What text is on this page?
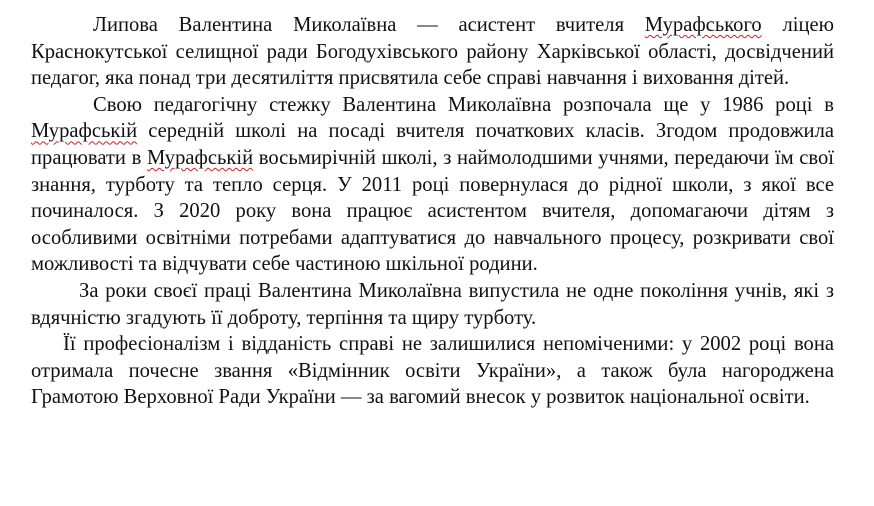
Липова Валентина Миколаївна — асистент вчителя Мурафського ліцею Краснокутської селищної ради Богодухівського району Харківської області, досвідчений педагог, яка понад три десятиліття присвятила себе справі навчання і виховання дітей.

Свою педагогічну стежку Валентина Миколаївна розпочала ще у 1986 році в Мурафській середній школі на посаді вчителя початкових класів. Згодом продовжила працювати в Мурафській восьмирічній школі, з наймолодшими учнями, передаючи їм свої знання, турботу та тепло серця. У 2011 році повернулася до рідної школи, з якої все починалося. З 2020 року вона працює асистентом вчителя, допомагаючи дітям з особливими освітніми потребами адаптуватися до навчального процесу, розкривати свої можливості та відчувати себе частиною шкільної родини.

За роки своєї праці Валентина Миколаївна випустила не одне покоління учнів, які з вдячністю згадують її доброту, терпіння та щиру турботу.

Її професіоналізм і відданість справі не залишилися непоміченими: у 2002 році вона отримала почесне звання «Відмінник освіти України», а також була нагороджена Грамотою Верховної Ради України — за вагомий внесок у розвиток національної освіти.
